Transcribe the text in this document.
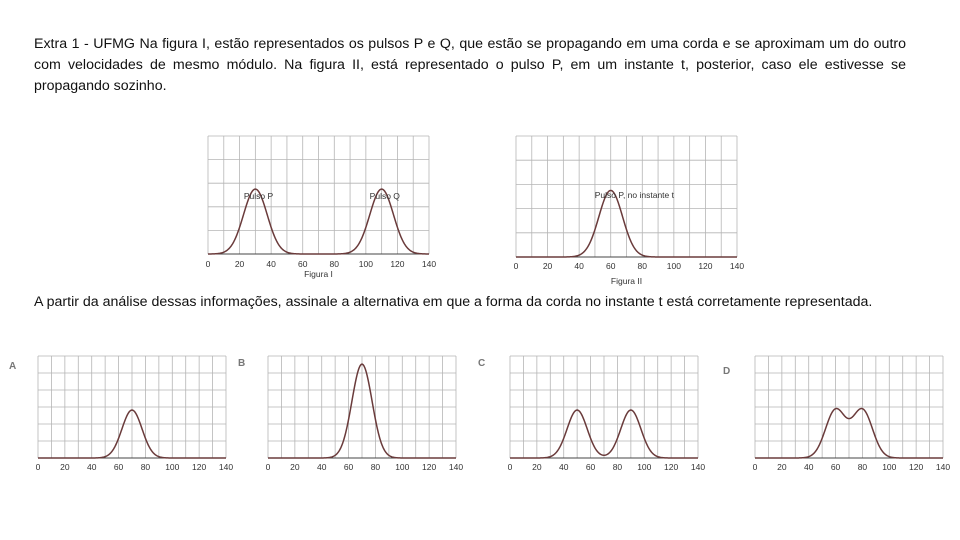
Extra 1 - UFMG Na figura I, estão representados os pulsos P e Q, que estão se propagando em uma corda e se aproximam um do outro com velocidades de mesmo módulo. Na figura II, está representado o pulso P, em um instante t, posterior, caso ele estivesse se propagando sozinho.

0	20	40	60	80 100 120 140
Figura I
Pulso P	Pulso Q
0	20	40	60	80 100 120 140
Figura II
Pulso P, no instante t

A partir da análise dessas informações, assinale a alternativa em que a forma da corda no instante t está corretamente representada.

A	B	C
D
0 20 40 60 80 100 120 140	0 20 40 60 80 100 120 140	0 20 40 60 80 100 120 140	0 20 40 60 80 100 120 140
